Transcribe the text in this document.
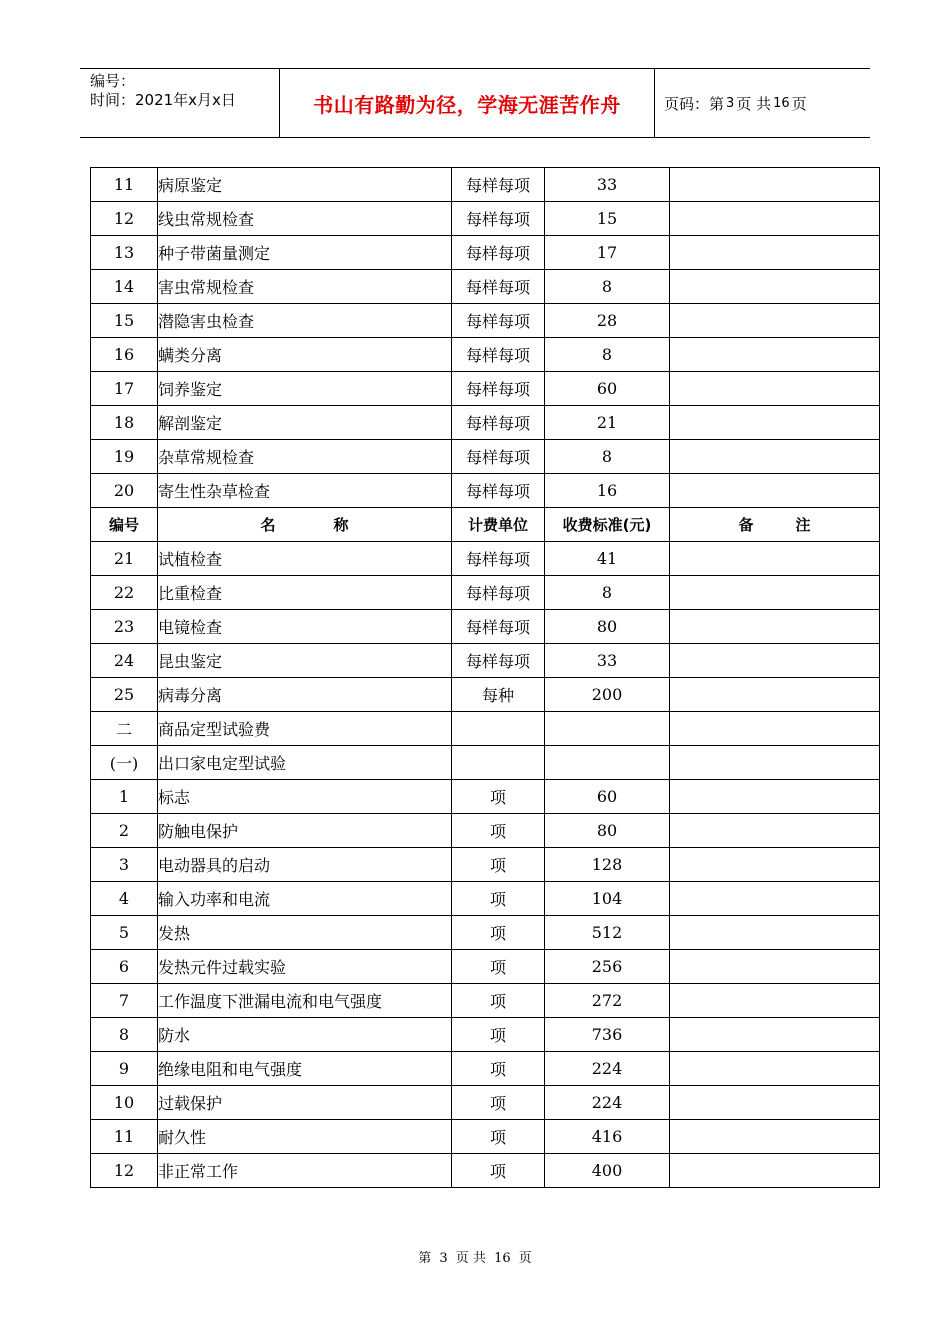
编号：
时间：2021年x月x日	书山有路勤为径，学海无涯苦作舟	页码：第 3 页 共 16 页
11	病原鉴定	每样每项	33	
12	线虫常规检查	每样每项	15	
13	种子带菌量测定	每样每项	17	
14	害虫常规检查	每样每项	8	
15	潜隐害虫检查	每样每项	28	
16	螨类分离	每样每项	8	
17	饲养鉴定	每样每项	60	
18	解剖鉴定	每样每项	21	
19	杂草常规检查	每样每项	8	
20	寄生性杂草检查	每样每项	16	
编号	名 称	计费单位	收费标准(元)	备 注
21	试植检查	每样每项	41	
22	比重检查	每样每项	8	
23	电镜检查	每样每项	80	
24	昆虫鉴定	每样每项	33	
25	病毒分离	每种	200	
二	商品定型试验费			
(一)	出口家电定型试验			
1	标志	项	60	
2	防触电保护	项	80	
3	电动器具的启动	项	128	
4	输入功率和电流	项	104	
5	发热	项	512	
6	发热元件过载实验	项	256	
7	工作温度下泄漏电流和电气强度	项	272	
8	防水	项	736	
9	绝缘电阻和电气强度	项	224	
10	过载保护	项	224	
11	耐久性	项	416	
12	非正常工作	项	400	
第 3 页 共 16 页
